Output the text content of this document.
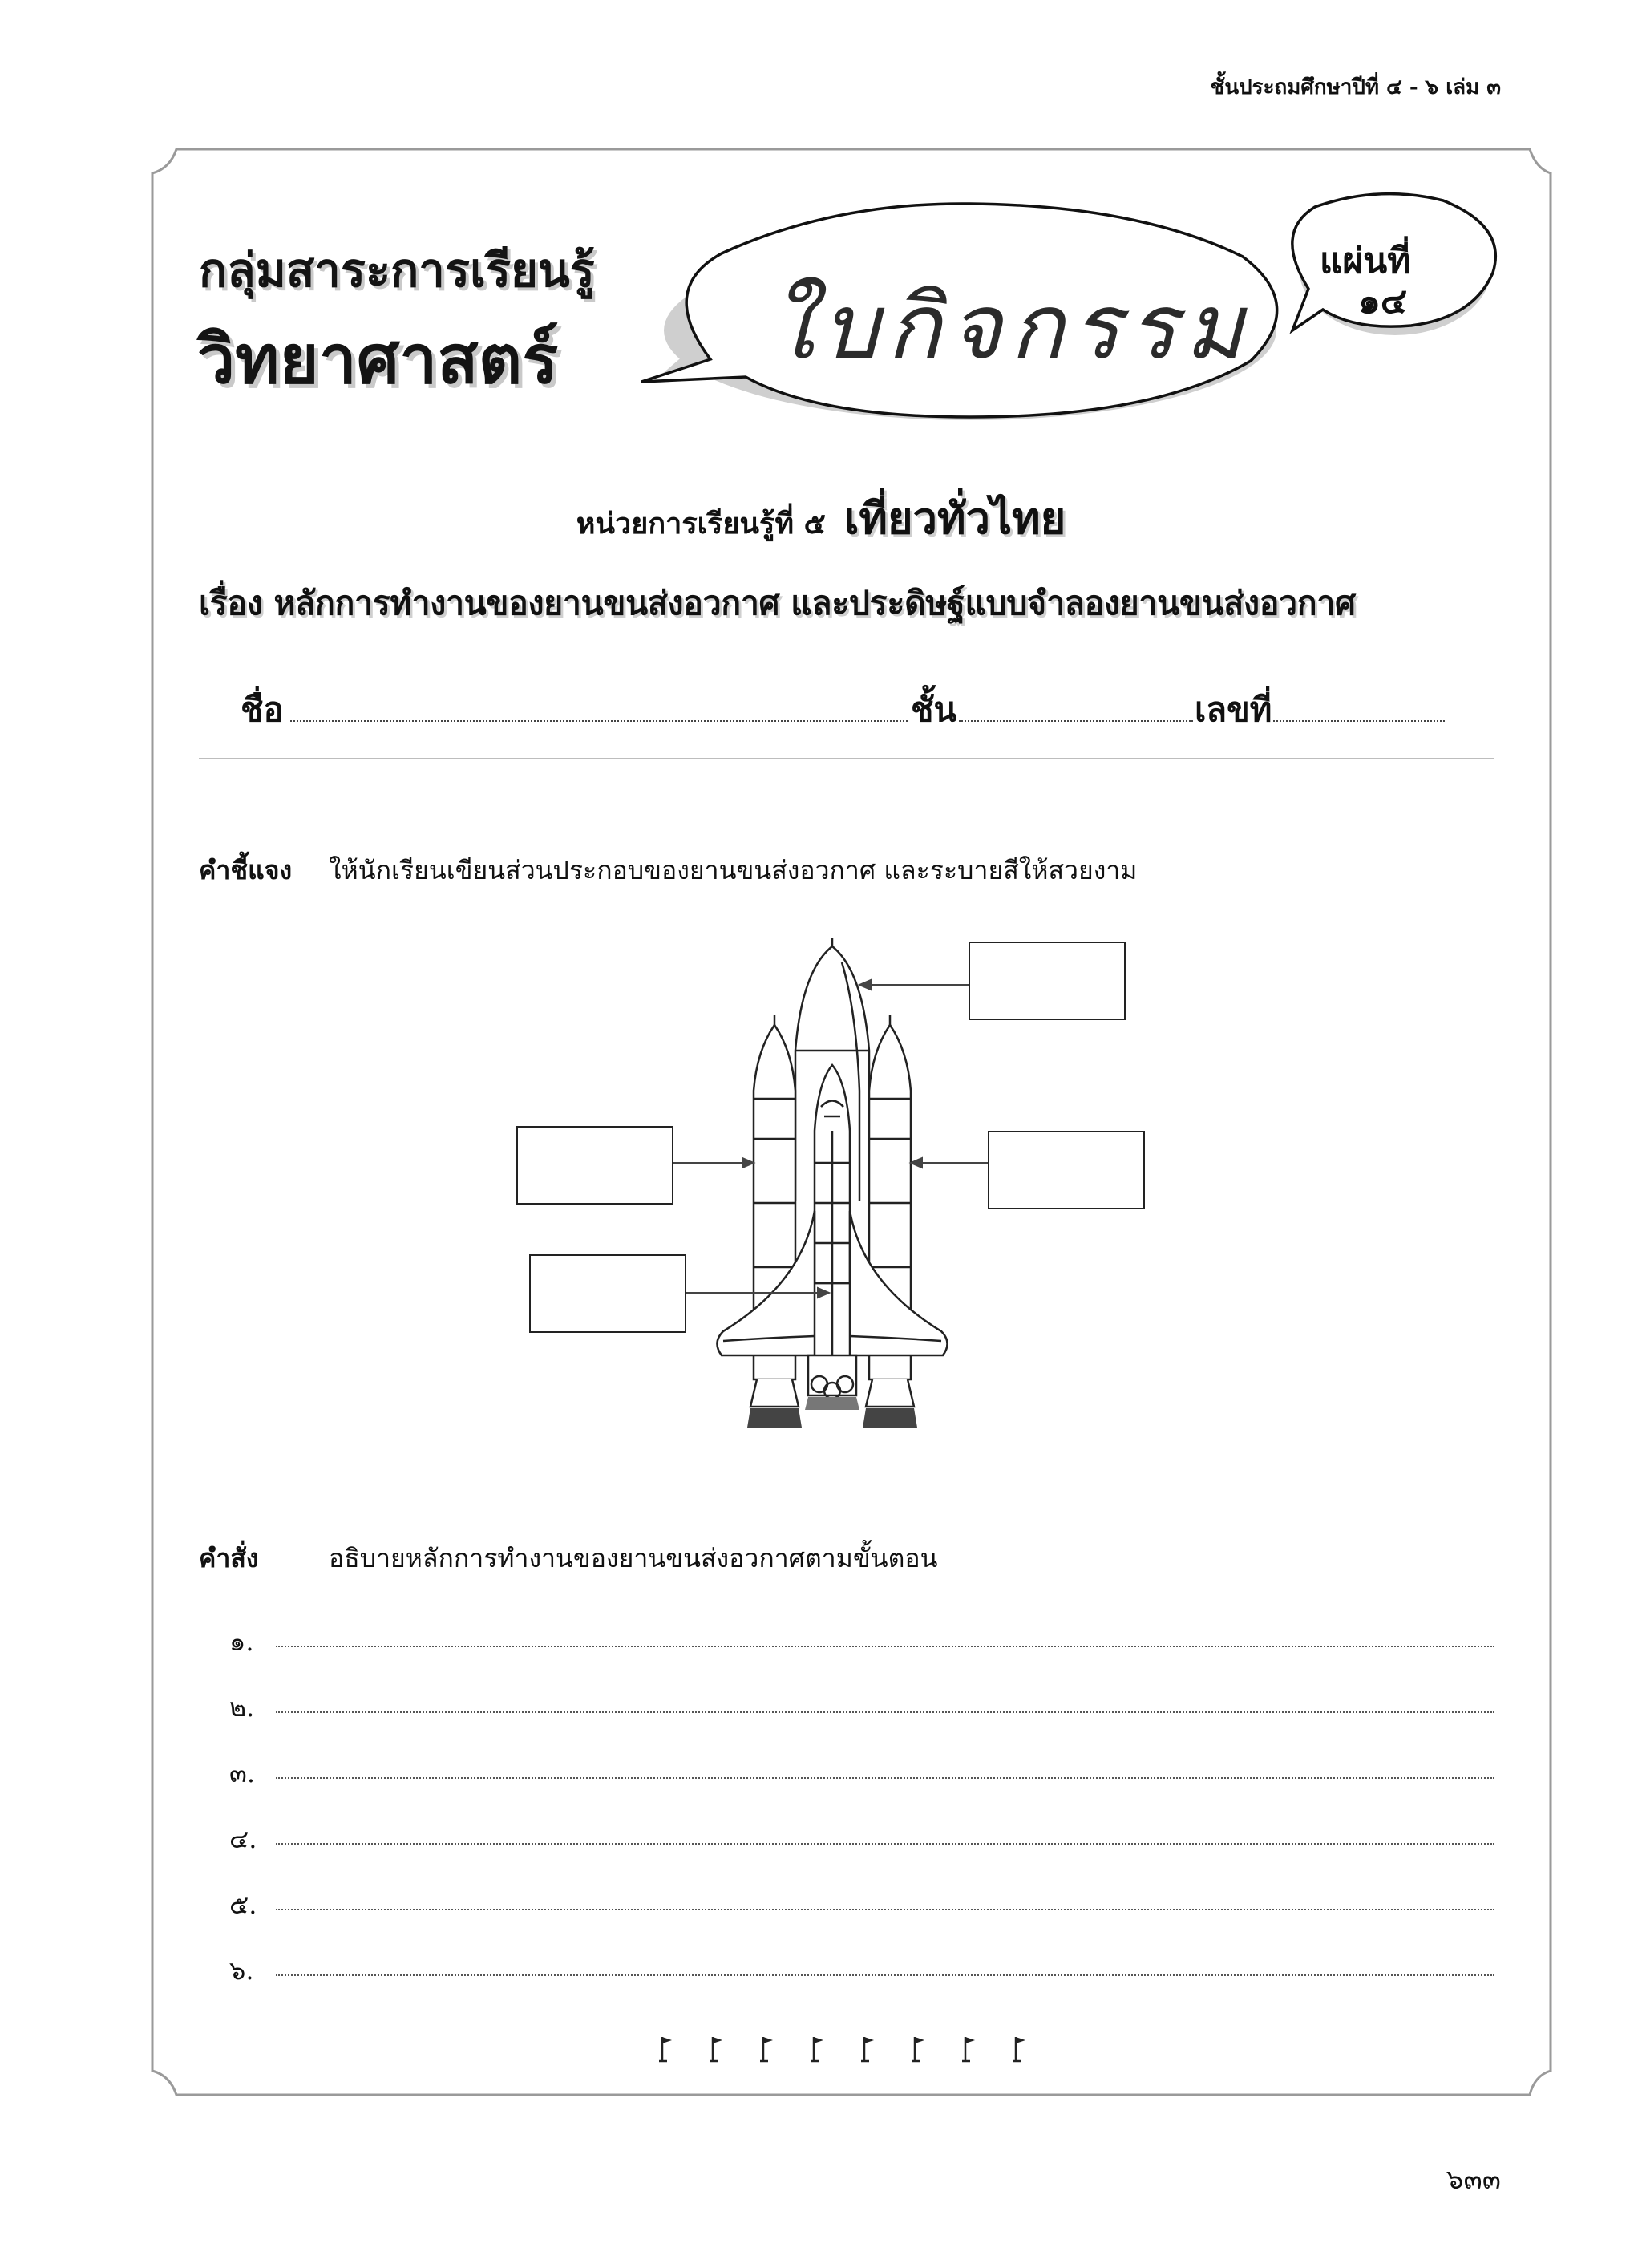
ชั้นประถมศึกษาปีที่ ๔ - ๖ เล่ม ๓
กลุ่มสาระการเรียนรู้
วิทยาศาสตร์ ใบกิจกรรม
แผ่นที่
๑๔
หน่วยการเรียนรู้ที่ ๕ เที่ยวทั่วไทย
เรื่อง หลักการทำงานของยานขนส่งอวกาศ และประดิษฐ์แบบจำลองยานขนส่งอวกาศ
ชื่อ	ชั้น	เลขที่
คำชี้แจง ให้นักเรียนเขียนส่วนประกอบของยานขนส่งอวกาศ และระบายสีให้สวยงาม
คำสั่ง	อธิบายหลักการทำงานของยานขนส่งอวกาศตามขั้นตอน
๑.
๒.
๓.
๔.
๕.
๖.
๖๓๓
